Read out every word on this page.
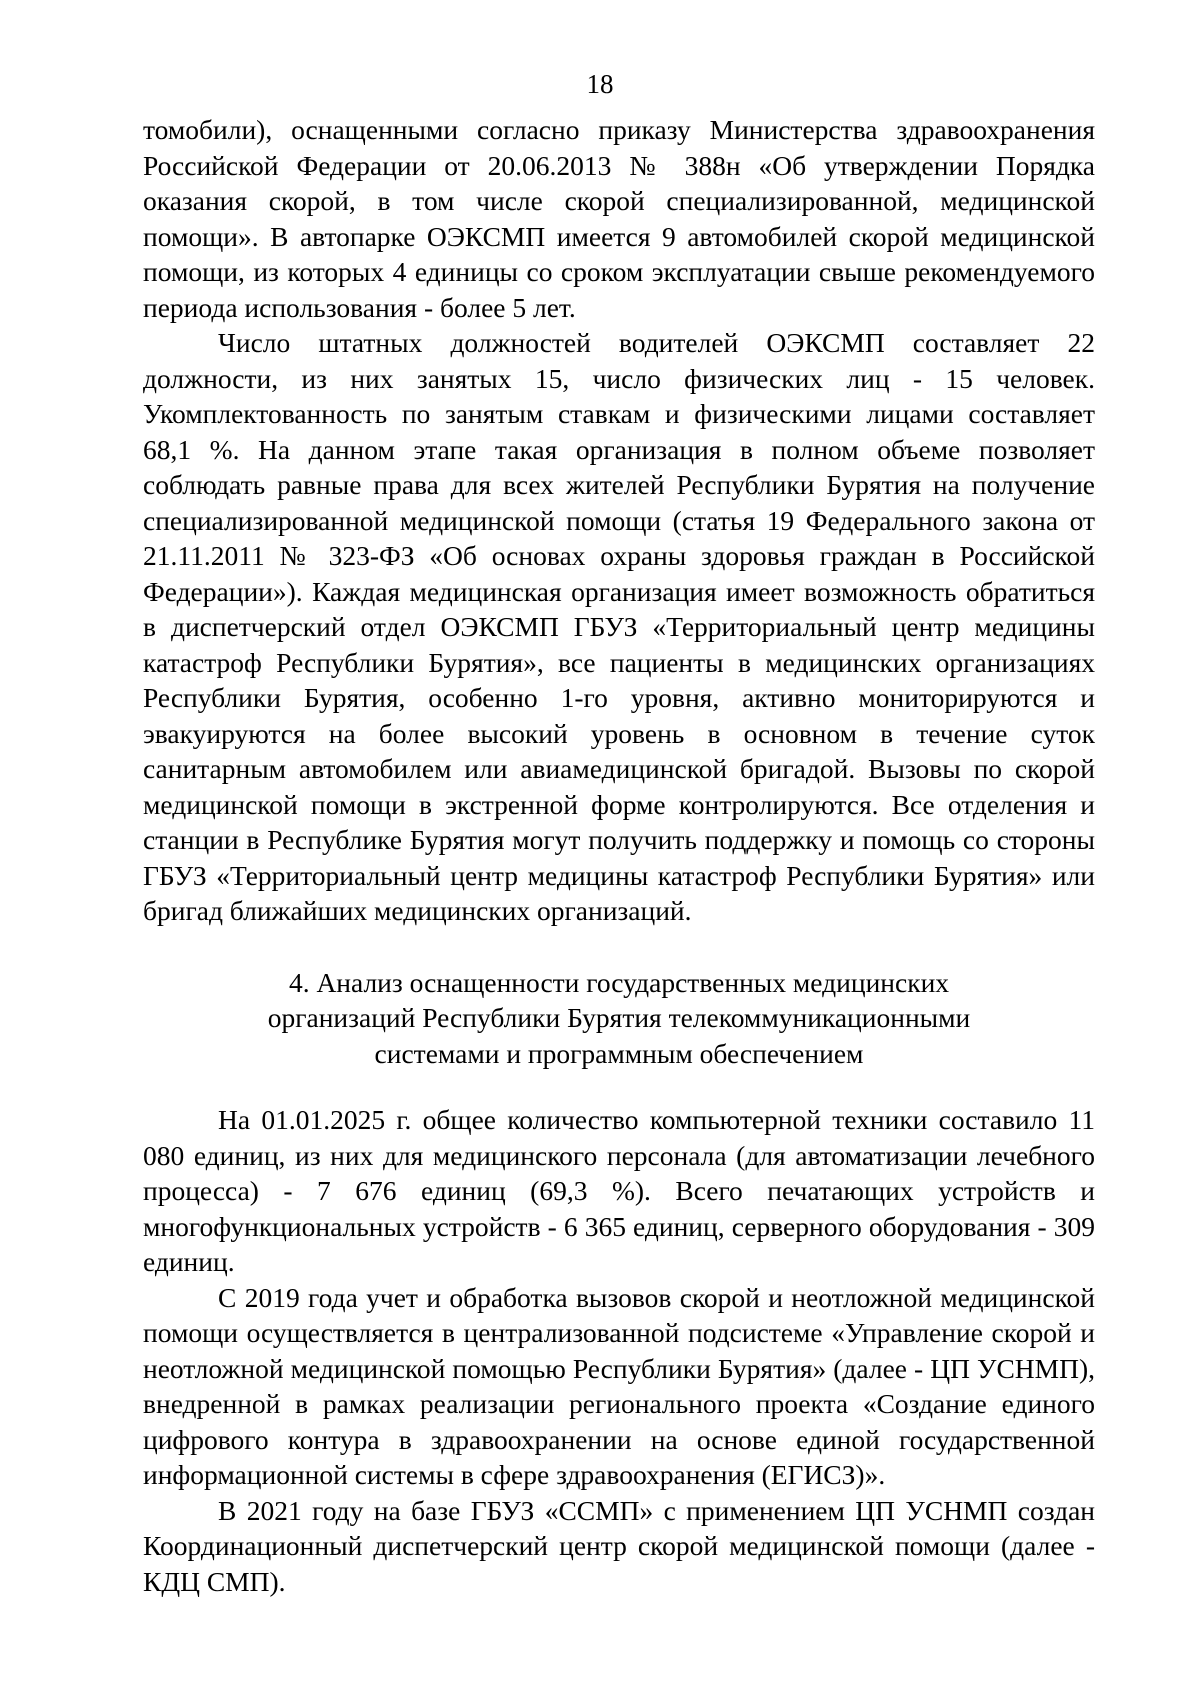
18

томобили), оснащенными согласно приказу Министерства здравоохранения Российской Федерации от 20.06.2013 № 388н «Об утверждении Порядка оказания скорой, в том числе скорой специализированной, медицинской помощи». В автопарке ОЭКСМП имеется 9 автомобилей скорой медицинской помощи, из которых 4 единицы со сроком эксплуатации свыше рекомендуемого периода использования - более 5 лет.

Число штатных должностей водителей ОЭКСМП составляет 22 должности, из них занятых 15, число физических лиц - 15 человек. Укомплектованность по занятым ставкам и физическими лицами составляет 68,1 %. На данном этапе такая организация в полном объеме позволяет соблюдать равные права для всех жителей Республики Бурятия на получение специализированной медицинской помощи (статья 19 Федерального закона от 21.11.2011 № 323-ФЗ «Об основах охраны здоровья граждан в Российской Федерации»). Каждая медицинская организация имеет возможность обратиться в диспетчерский отдел ОЭКСМП ГБУЗ «Территориальный центр медицины катастроф Республики Бурятия», все пациенты в медицинских организациях Республики Бурятия, особенно 1-го уровня, активно мониторируются и эвакуируются на более высокий уровень в основном в течение суток санитарным автомобилем или авиамедицинской бригадой. Вызовы по скорой медицинской помощи в экстренной форме контролируются. Все отделения и станции в Республике Бурятия могут получить поддержку и помощь со стороны ГБУЗ «Территориальный центр медицины катастроф Республики Бурятия» или бригад ближайших медицинских организаций.

4. Анализ оснащенности государственных медицинских
организаций Республики Бурятия телекоммуникационными
системами и программным обеспечением

На 01.01.2025 г. общее количество компьютерной техники составило 11 080 единиц, из них для медицинского персонала (для автоматизации лечебного процесса) - 7 676 единиц (69,3 %). Всего печатающих устройств и многофункциональных устройств - 6 365 единиц, серверного оборудования - 309 единиц.

С 2019 года учет и обработка вызовов скорой и неотложной медицинской помощи осуществляется в централизованной подсистеме «Управление скорой и неотложной медицинской помощью Республики Бурятия» (далее - ЦП УСНМП), внедренной в рамках реализации регионального проекта «Создание единого цифрового контура в здравоохранении на основе единой государственной информационной системы в сфере здравоохранения (ЕГИСЗ)».

В 2021 году на базе ГБУЗ «ССМП» с применением ЦП УСНМП создан Координационный диспетчерский центр скорой медицинской помощи (далее - КДЦ СМП).
